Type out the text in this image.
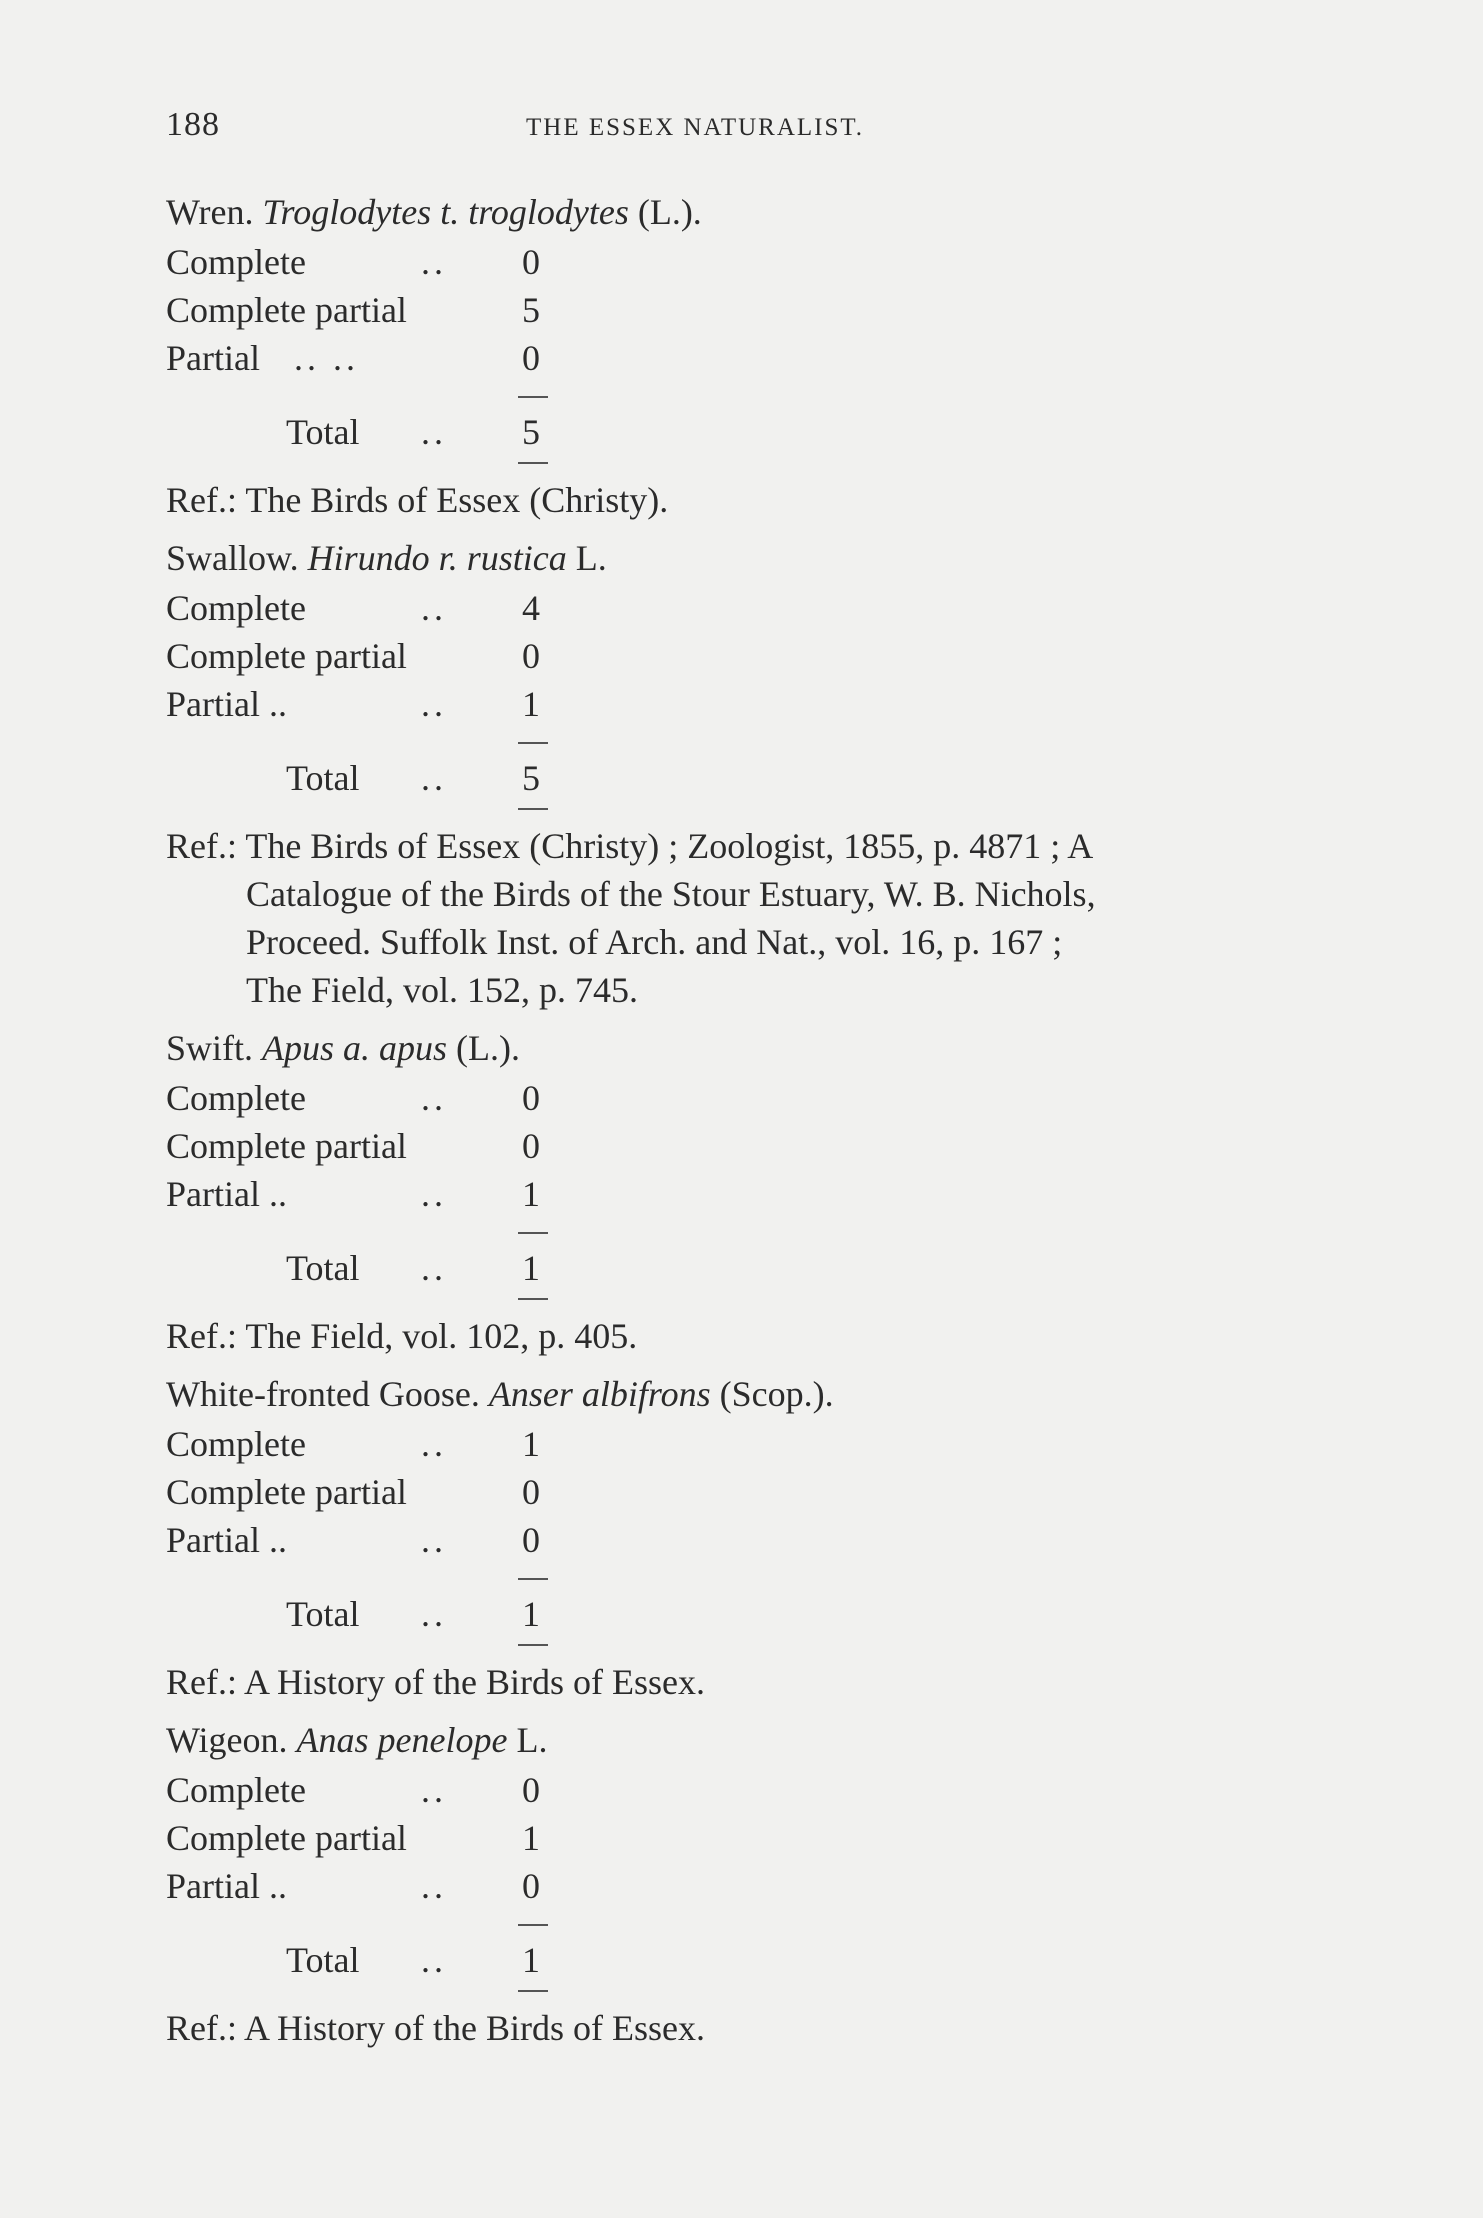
188	THE ESSEX NATURALIST.
Wren. Troglodytes t. troglodytes (L.).
Complete	.. 0
Complete partial	5
Partial .. ..	0
Total .. 5
Ref.: The Birds of Essex (Christy).
Swallow. Hirundo r. rustica L.
Complete	.. 4
Complete partial	0
Partial ..	.. 1
Total .. 5
Ref.: The Birds of Essex (Christy) ; Zoologist, 1855, p. 4871 ; A
Catalogue of the Birds of the Stour Estuary, W. B. Nichols,
Proceed. Suffolk Inst. of Arch. and Nat., vol. 16, p. 167 ;
The Field, vol. 152, p. 745.
Swift. Apus a. apus (L.).
Complete	.. 0
Complete partial	0
Partial ..	.. 1
Total .. 1
Ref.: The Field, vol. 102, p. 405.
White-fronted Goose. Anser albifrons (Scop.).
Complete	.. 1
Complete partial	0
Partial ..	.. 0
Total .. 1
Ref.: A History of the Birds of Essex.
Wigeon. Anas penelope L.
Complete	.. 0
Complete partial	1
Partial ..	.. 0
Total .. 1
Ref.: A History of the Birds of Essex.
